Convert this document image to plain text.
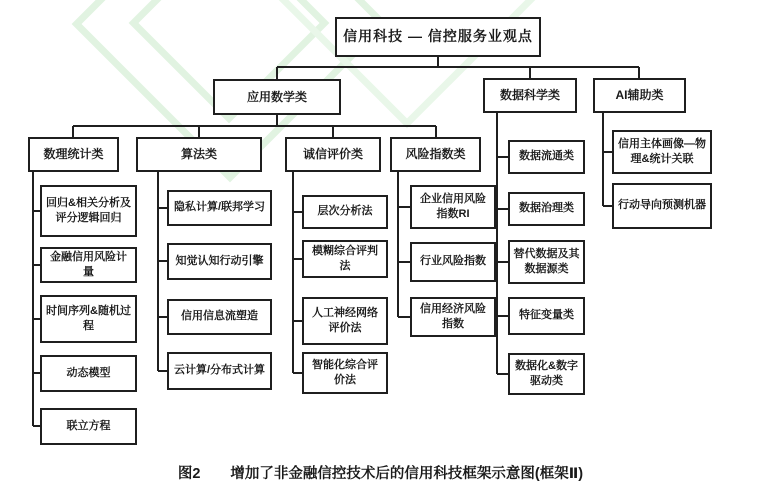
信用科技 — 信控服务业观点
应用数学类	数据科学类	AI辅助类
数理统计类	算法类	诚信评价类	风险指数类
回归&相关分析及评分逻辑回归
金融信用风险计量
时间序列&随机过程
动态模型
联立方程
隐私计算/联邦学习
知觉认知行动引擎
信用信息流塑造
云计算/分布式计算
层次分析法
模糊综合评判法
人工神经网络评价法
智能化综合评价法
企业信用风险指数RI
行业风险指数
信用经济风险指数
数据流通类
数据治理类
替代数据及其数据源类
特征变量类
数据化&数字驱动类
信用主体画像—物理&统计关联
行动导向预测机器
图2 增加了非金融信控技术后的信用科技框架示意图(框架Ⅱ)
